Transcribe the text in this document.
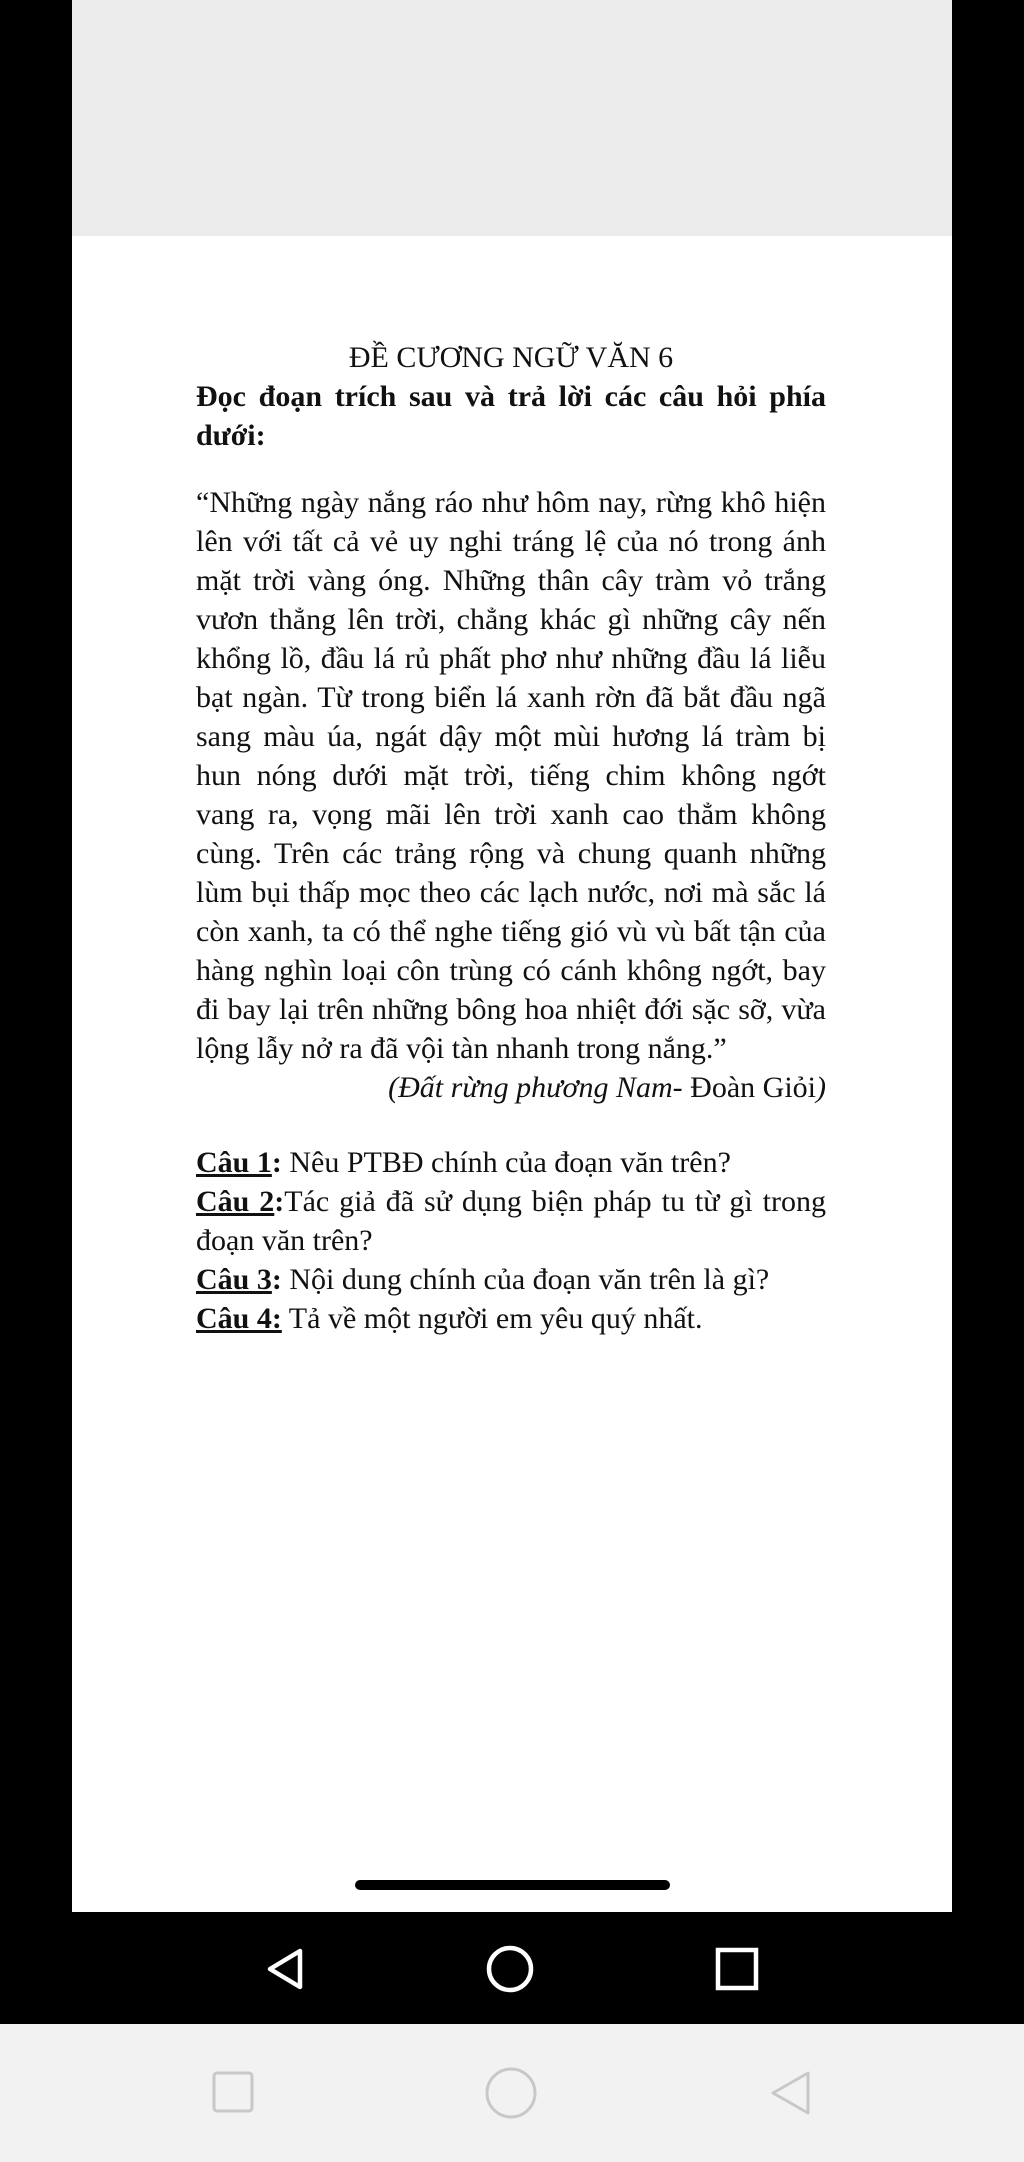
ĐỀ CƯƠNG NGỮ VĂN 6

Đọc đoạn trích sau và trả lời các câu hỏi phía dưới:

“Những ngày nắng ráo như hôm nay, rừng khô hiện lên với tất cả vẻ uy nghi tráng lệ của nó trong ánh mặt trời vàng óng. Những thân cây tràm vỏ trắng vươn thẳng lên trời, chẳng khác gì những cây nến khổng lồ, đầu lá rủ phất phơ như những đầu lá liễu bạt ngàn. Từ trong biển lá xanh rờn đã bắt đầu ngã sang màu úa, ngát dậy một mùi hương lá tràm bị hun nóng dưới mặt trời, tiếng chim không ngớt vang ra, vọng mãi lên trời xanh cao thẳm không cùng. Trên các trảng rộng và chung quanh những lùm bụi thấp mọc theo các lạch nước, nơi mà sắc lá còn xanh, ta có thể nghe tiếng gió vù vù bất tận của hàng nghìn loại côn trùng có cánh không ngớt, bay đi bay lại trên những bông hoa nhiệt đới sặc sỡ, vừa lộng lẫy nở ra đã vội tàn nhanh trong nắng.”

(Đất rừng phương Nam- Đoàn Giỏi)

Câu 1: Nêu PTBĐ chính của đoạn văn trên?

Câu 2:Tác giả đã sử dụng biện pháp tu từ gì trong đoạn văn trên?

Câu 3: Nội dung chính của đoạn văn trên là gì?

Câu 4: Tả về một người em yêu quý nhất.
